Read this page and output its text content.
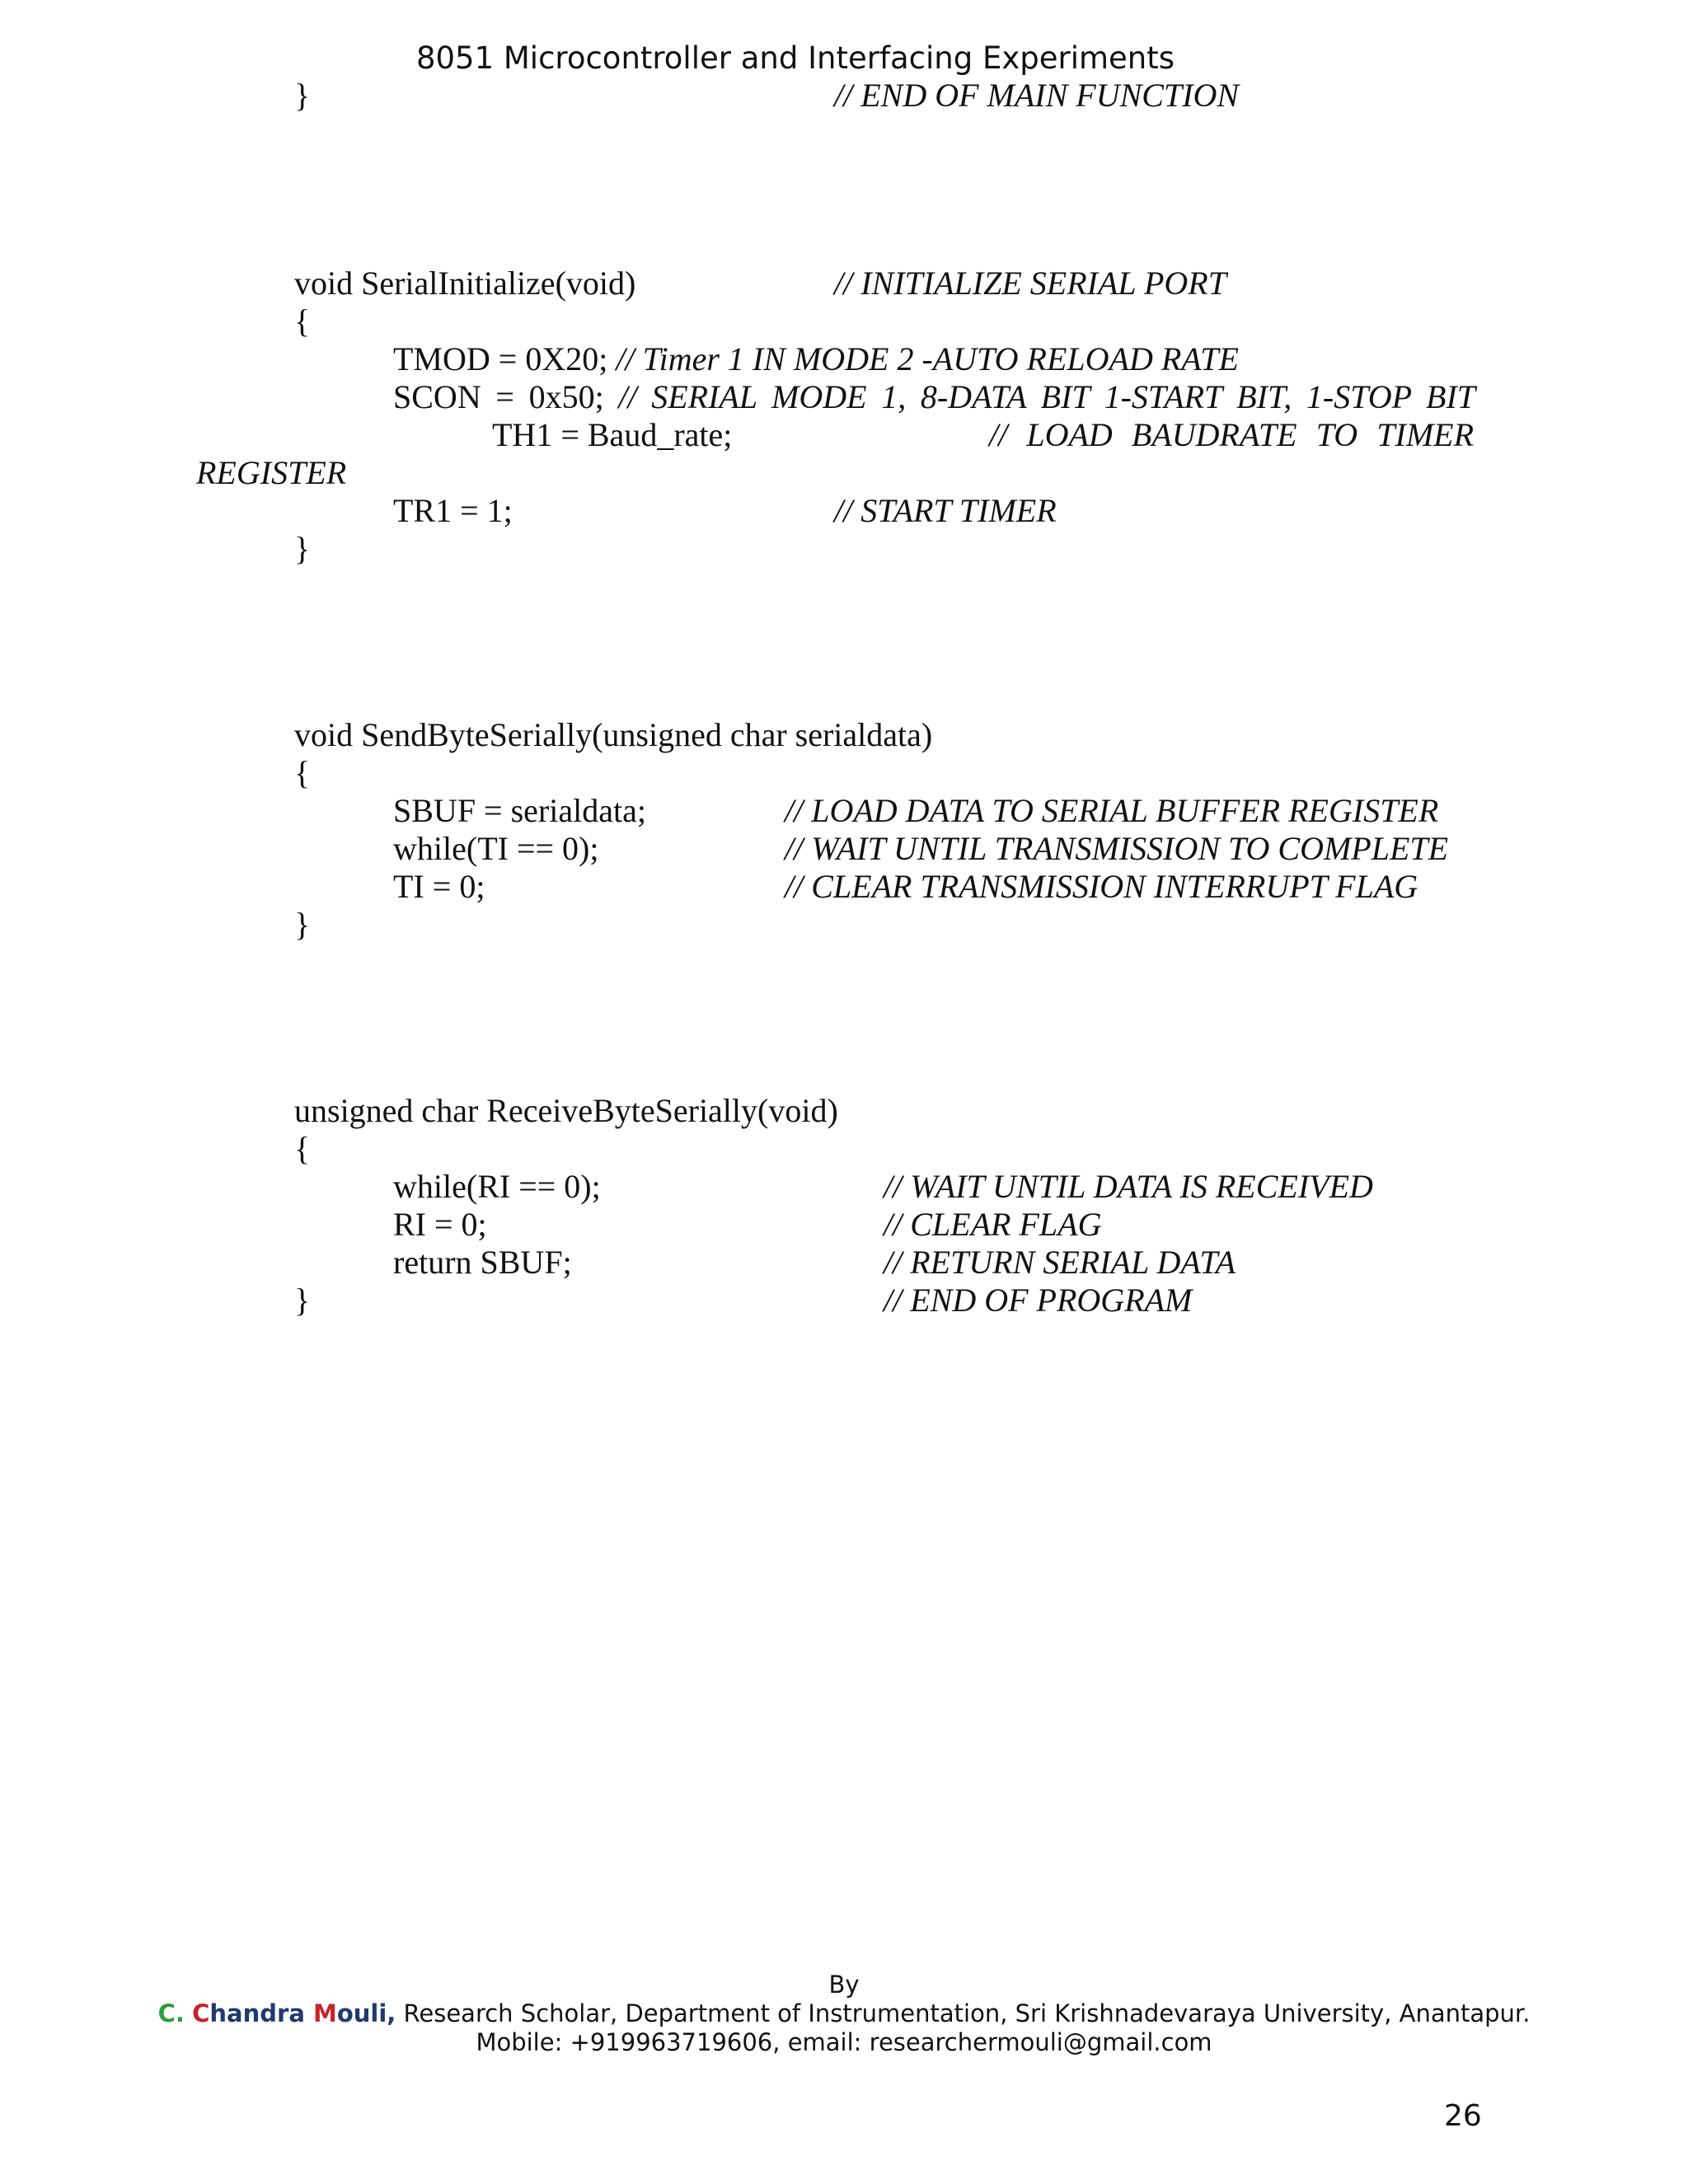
8051 Microcontroller and Interfacing Experiments
}	// END OF MAIN FUNCTION
void SerialInitialize(void)	// INITIALIZE SERIAL PORT
{
TMOD = 0X20; // Timer 1 IN MODE 2 -AUTO RELOAD RATE
SCON = 0x50; // SERIAL MODE 1, 8-DATA BIT 1-START BIT, 1-STOP BIT
TH1 = Baud_rate;	// LOAD BAUDRATE TO TIMER
REGISTER
TR1 = 1;	// START TIMER
}
void SendByteSerially(unsigned char serialdata)
{
SBUF = serialdata;	// LOAD DATA TO SERIAL BUFFER REGISTER
while(TI == 0);	// WAIT UNTIL TRANSMISSION TO COMPLETE
TI = 0;	// CLEAR TRANSMISSION INTERRUPT FLAG
}
unsigned char ReceiveByteSerially(void)
{
while(RI == 0);	// WAIT UNTIL DATA IS RECEIVED
RI = 0;	// CLEAR FLAG
return SBUF;	// RETURN SERIAL DATA
}	// END OF PROGRAM
By
C. Chandra Mouli, Research Scholar, Department of Instrumentation, Sri Krishnadevaraya University, Anantapur.
Mobile: +919963719606, email: researchermouli@gmail.com
26
